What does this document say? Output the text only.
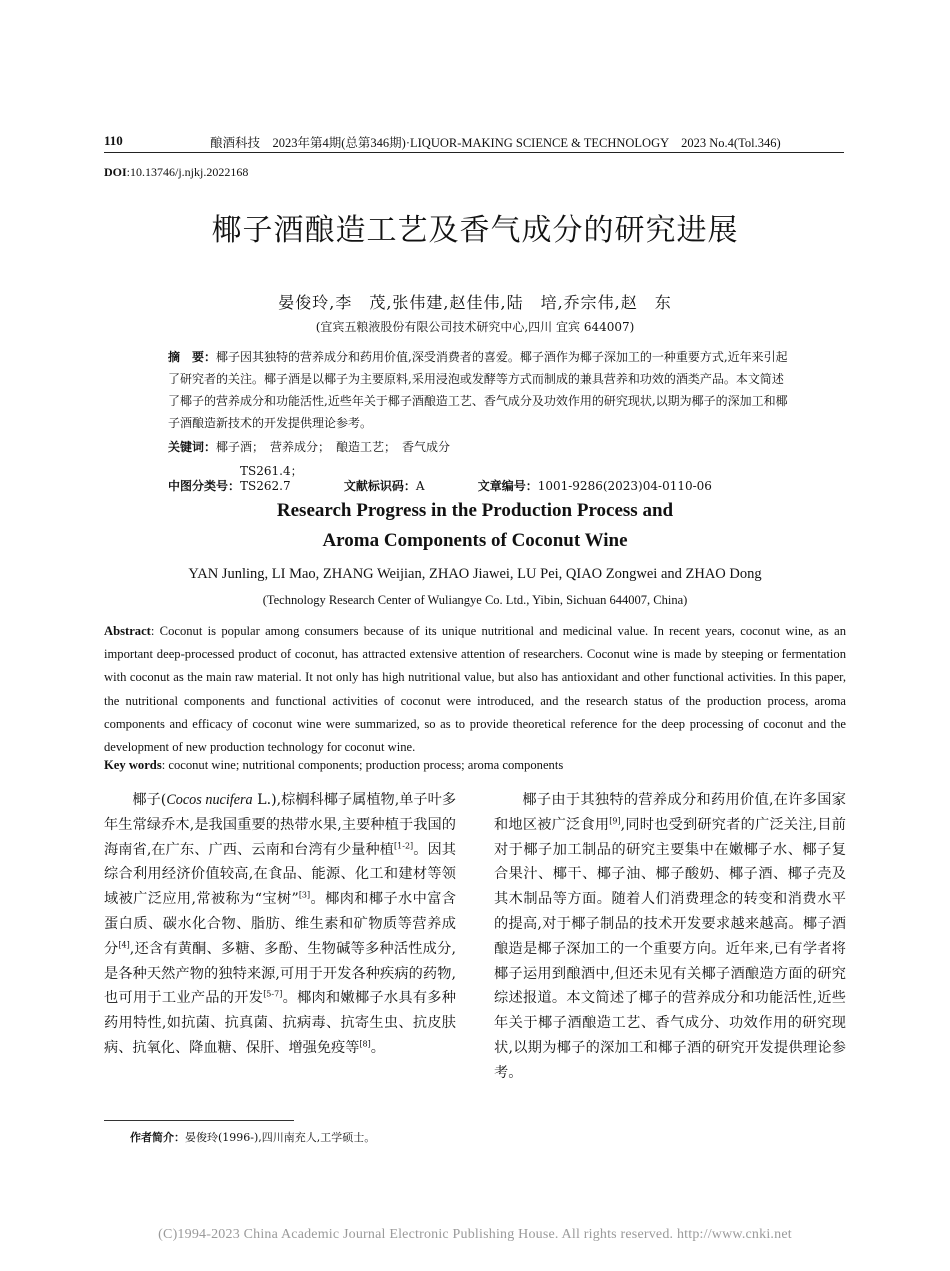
110	酿酒科技　2023年第4期(总第346期)·LIQUOR-MAKING SCIENCE & TECHNOLOGY　2023 No.4(Tol.346)
DOI:10.13746/j.njkj.2022168
椰子酒酿造工艺及香气成分的研究进展
晏俊玲,李　茂,张伟建,赵佳伟,陆　培,乔宗伟,赵　东
(宜宾五粮液股份有限公司技术研究中心,四川 宜宾 644007)
摘　要：椰子因其独特的营养成分和药用价值,深受消费者的喜爱。椰子酒作为椰子深加工的一种重要方式,近年来引起了研究者的关注。椰子酒是以椰子为主要原料,采用浸泡或发酵等方式而制成的兼具营养和功效的酒类产品。本文简述了椰子的营养成分和功能活性,近些年关于椰子酒酿造工艺、香气成分及功效作用的研究现状,以期为椰子的深加工和椰子酒酿造新技术的开发提供理论参考。
关键词：椰子酒；　营养成分；　酿造工艺；　香气成分
中图分类号：TS261.4；TS262.7	文献标识码：A	文章编号：1001-9286(2023)04-0110-06
Research Progress in the Production Process and
Aroma Components of Coconut Wine
YAN Junling, LI Mao, ZHANG Weijian, ZHAO Jiawei, LU Pei, QIAO Zongwei and ZHAO Dong
(Technology Research Center of Wuliangye Co. Ltd., Yibin, Sichuan 644007, China)
Abstract: Coconut is popular among consumers because of its unique nutritional and medicinal value. In recent years, coconut wine, as an important deep-processed product of coconut, has attracted extensive attention of researchers. Coconut wine is made by steeping or fermentation with coconut as the main raw material. It not only has high nutritional value, but also has antioxidant and other functional activities. In this paper, the nutritional components and functional activities of coconut were introduced, and the research status of the production process, aroma components and efficacy of coconut wine were summarized, so as to provide theoretical reference for the deep processing of coconut and the development of new production technology for coconut wine.
Key words: coconut wine; nutritional components; production process; aroma components

椰子(Cocos nucifera L.),棕榈科椰子属植物,单子叶多年生常绿乔木,是我国重要的热带水果,主要种植于我国的海南省,在广东、广西、云南和台湾有少量种植[1-2]。因其综合利用经济价值较高,在食品、能源、化工和建材等领域被广泛应用,常被称为“宝树”[3]。椰肉和椰子水中富含蛋白质、碳水化合物、脂肪、维生素和矿物质等营养成分[4],还含有黄酮、多糖、多酚、生物碱等多种活性成分,是各种天然产物的独特来源,可用于开发各种疾病的药物,也可用于工业产品的开发[5-7]。椰肉和嫩椰子水具有多种药用特性,如抗菌、抗真菌、抗病毒、抗寄生虫、抗皮肤病、抗氧化、降血糖、保肝、增强免疫等[8]。

椰子由于其独特的营养成分和药用价值,在许多国家和地区被广泛食用[9],同时也受到研究者的广泛关注,目前对于椰子加工制品的研究主要集中在嫩椰子水、椰子复合果汁、椰干、椰子油、椰子酸奶、椰子酒、椰子壳及其木制品等方面。随着人们消费理念的转变和消费水平的提高,对于椰子制品的技术开发要求越来越高。椰子酒酿造是椰子深加工的一个重要方向。近年来,已有学者将椰子运用到酿酒中,但还未见有关椰子酒酿造方面的研究综述报道。本文简述了椰子的营养成分和功能活性,近些年关于椰子酒酿造工艺、香气成分、功效作用的研究现状,以期为椰子的深加工和椰子酒的研究开发提供理论参考。

作者简介：晏俊玲(1996-),四川南充人,工学硕士。
(C)1994-2023 China Academic Journal Electronic Publishing House. All rights reserved. http://www.cnki.net
